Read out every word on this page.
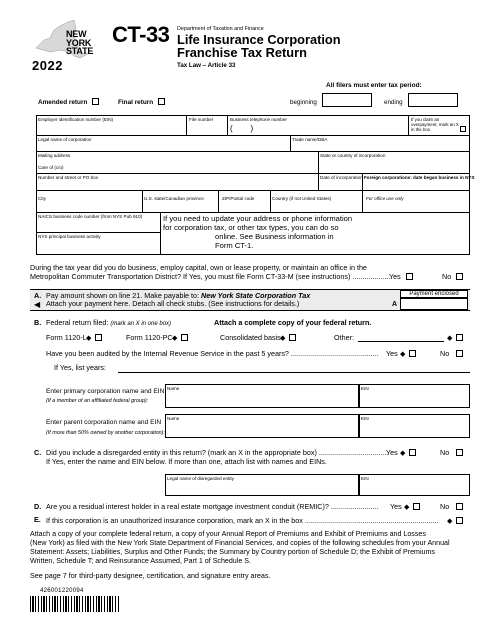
NEW
YORK
STATE
2022
CT-33 Department of Taxation and Finance
Life Insurance Corporation
Franchise Tax Return
Tax Law – Article 33
All filers must enter tax period:
beginning	ending
Amended return	Final return
Employer identification number (EIN)	File number	Business telephone number
(        )
If you claim an overpayment, mark an X in the box
Legal name of corporation	Trade name/DBA
Mailing address	State or country of incorporation
Care of (c/o)
Number and street or PO box	Date of incorporation Foreign corporations: date began business in NYS
City	U.S. state/Canadian province	ZIP/Postal code	Country (if not United States)	For office use only
NAICS business code number (from NYS Pub 910)
NYS principal business activity
If you need to update your address or phone information
for corporation tax, or other tax types, you can do so
online. See Business information in
Form CT-1.
During the tax year did you do business, employ capital, own or lease property, or maintain an office in the
Metropolitan Commuter Transportation District? If Yes, you must file Form CT-33-M (see instructions) ....................
Yes	No
A. Pay amount shown on line 21. Make payable to: New York State Corporation Tax
◀ Attach your payment here. Detach all check stubs. (See instructions for details.)
Payment enclosed
A
B. Federal return filed: (mark an X in one box)	Attach a complete copy of your federal return.
Form 1120-L ◆	Form 1120-PC ◆	Consolidated basis ◆	Other:	◆
Have you been audited by the Internal Revenue Service in the past 5 years? ............................................ Yes ◆	No
If Yes, list years:
Enter primary corporation name and EIN
(If a member of an affiliated federal group):
Name	EIN
Enter parent corporation name and EIN
(If more than 50% owned by another corporation):
Name	EIN
C. Did you include a disregarded entity in this return? (mark an X in the appropriate box) ...................................
Yes ◆	No
If Yes, enter the name and EIN below. If more than one, attach list with names and EINs.
Legal name of disregarded entity	EIN
D. Are you a residual interest holder in a real estate mortgage investment conduit (REMIC)? ........................ Yes ◆	No
E. If this corporation is an unauthorized insurance corporation, mark an X in the box ...................................................................	◆
Attach a copy of your complete federal return, a copy of your Annual Report of Premiums and Exhibit of Premiums and Losses
(New York) as filed with the New York State Department of Financial Services, and copies of the following schedules from your Annual
Statement: Assets; Liabilities, Surplus and Other Funds; the Summary by Country portion of Schedule D; the Exhibit of Premiums
Written, Schedule T; and Reinsurance Assumed, Part 1 of Schedule S.
See page 7 for third-party designee, certification, and signature entry areas.
426001220094
